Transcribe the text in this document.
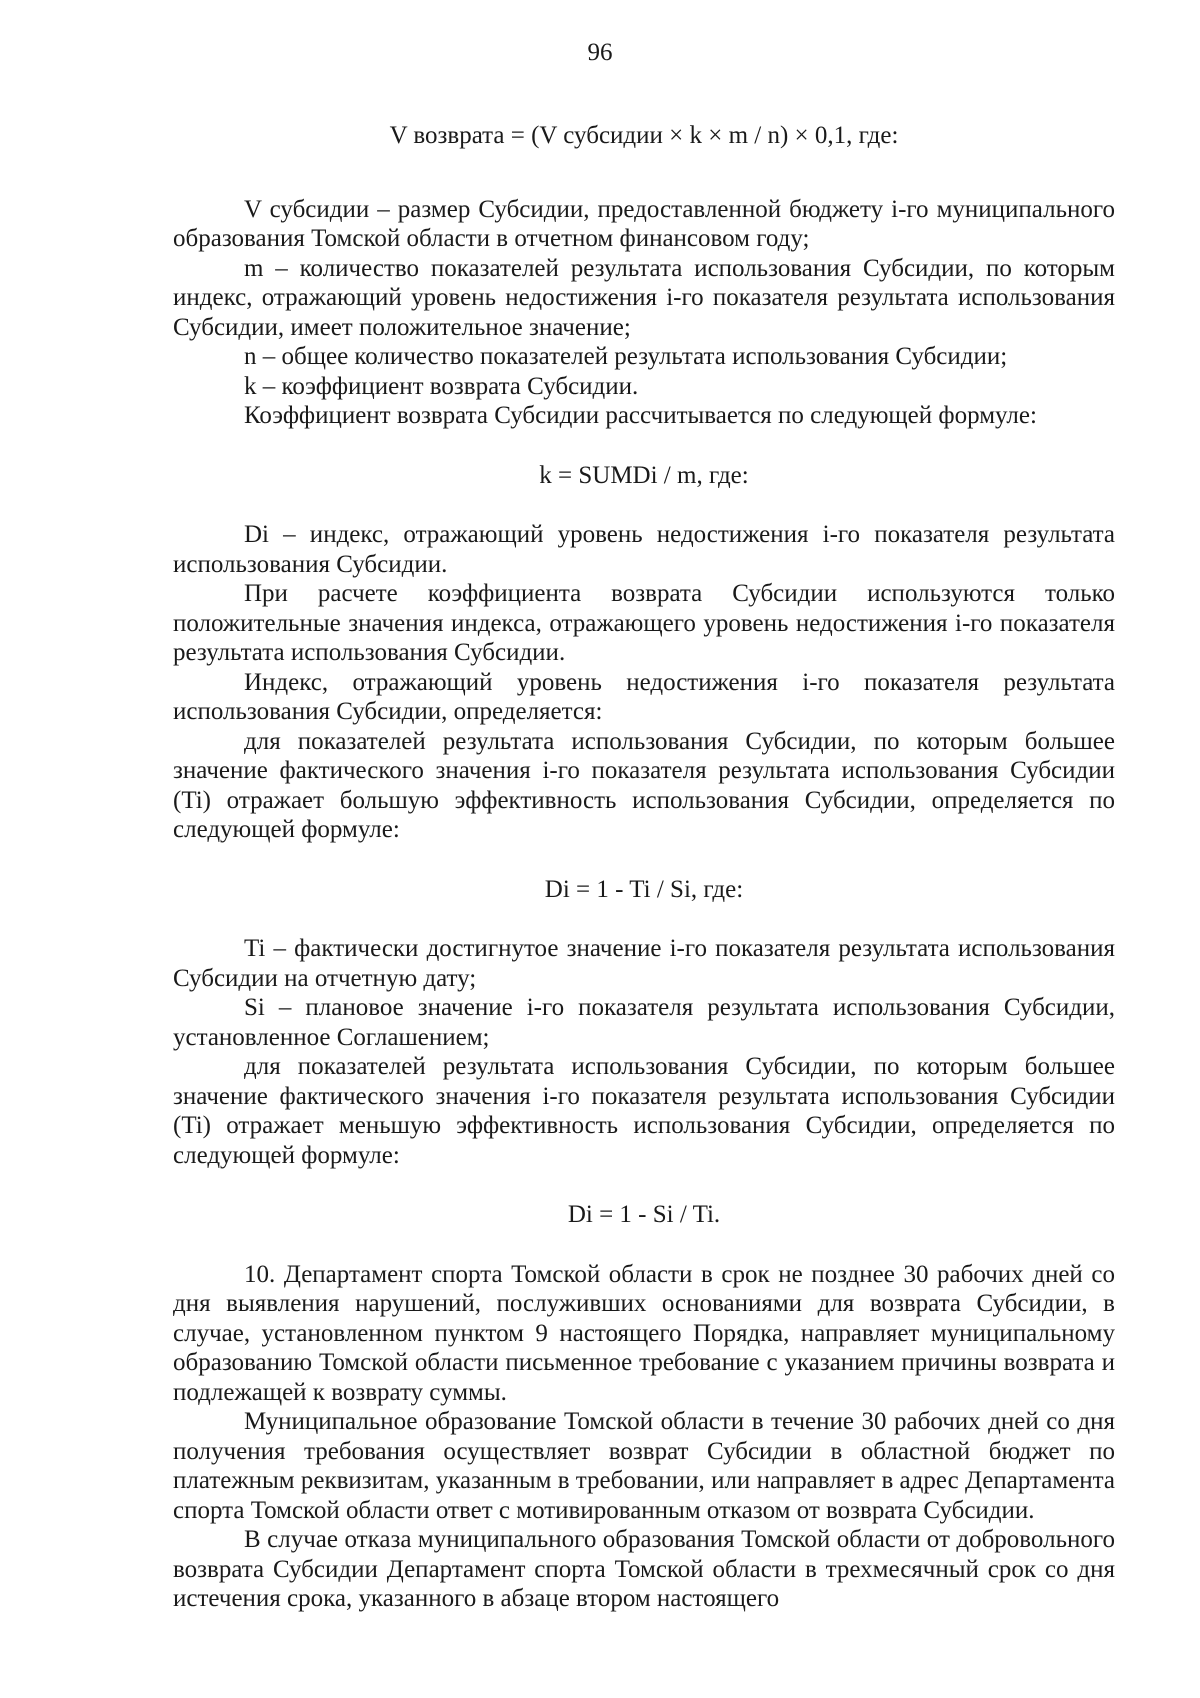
96

V возврата = (V субсидии × k × m / n) × 0,1, где:

V субсидии – размер Субсидии, предоставленной бюджету i-го муниципального образования Томской области в отчетном финансовом году;

m – количество показателей результата использования Субсидии, по которым индекс, отражающий уровень недостижения i-го показателя результата использования Субсидии, имеет положительное значение;

n – общее количество показателей результата использования Субсидии;

k – коэффициент возврата Субсидии.

Коэффициент возврата Субсидии рассчитывается по следующей формуле:

k = SUMDi / m, где:

Di – индекс, отражающий уровень недостижения i-го показателя результата использования Субсидии.

При расчете коэффициента возврата Субсидии используются только положительные значения индекса, отражающего уровень недостижения i-го показателя результата использования Субсидии.

Индекс, отражающий уровень недостижения i-го показателя результата использования Субсидии, определяется:

для показателей результата использования Субсидии, по которым большее значение фактического значения i-го показателя результата использования Субсидии (Ti) отражает большую эффективность использования Субсидии, определяется по следующей формуле:

Di = 1 - Ti / Si, где:

Ti – фактически достигнутое значение i-го показателя результата использования Субсидии на отчетную дату;

Si – плановое значение i-го показателя результата использования Субсидии, установленное Соглашением;

для показателей результата использования Субсидии, по которым большее значение фактического значения i-го показателя результата использования Субсидии (Ti) отражает меньшую эффективность использования Субсидии, определяется по следующей формуле:

Di = 1 - Si / Ti.

10. Департамент спорта Томской области в срок не позднее 30 рабочих дней со дня выявления нарушений, послуживших основаниями для возврата Субсидии, в случае, установленном пунктом 9 настоящего Порядка, направляет муниципальному образованию Томской области письменное требование с указанием причины возврата и подлежащей к возврату суммы.

Муниципальное образование Томской области в течение 30 рабочих дней со дня получения требования осуществляет возврат Субсидии в областной бюджет по платежным реквизитам, указанным в требовании, или направляет в адрес Департамента спорта Томской области ответ с мотивированным отказом от возврата Субсидии.

В случае отказа муниципального образования Томской области от добровольного возврата Субсидии Департамент спорта Томской области в трехмесячный срок со дня истечения срока, указанного в абзаце втором настоящего
